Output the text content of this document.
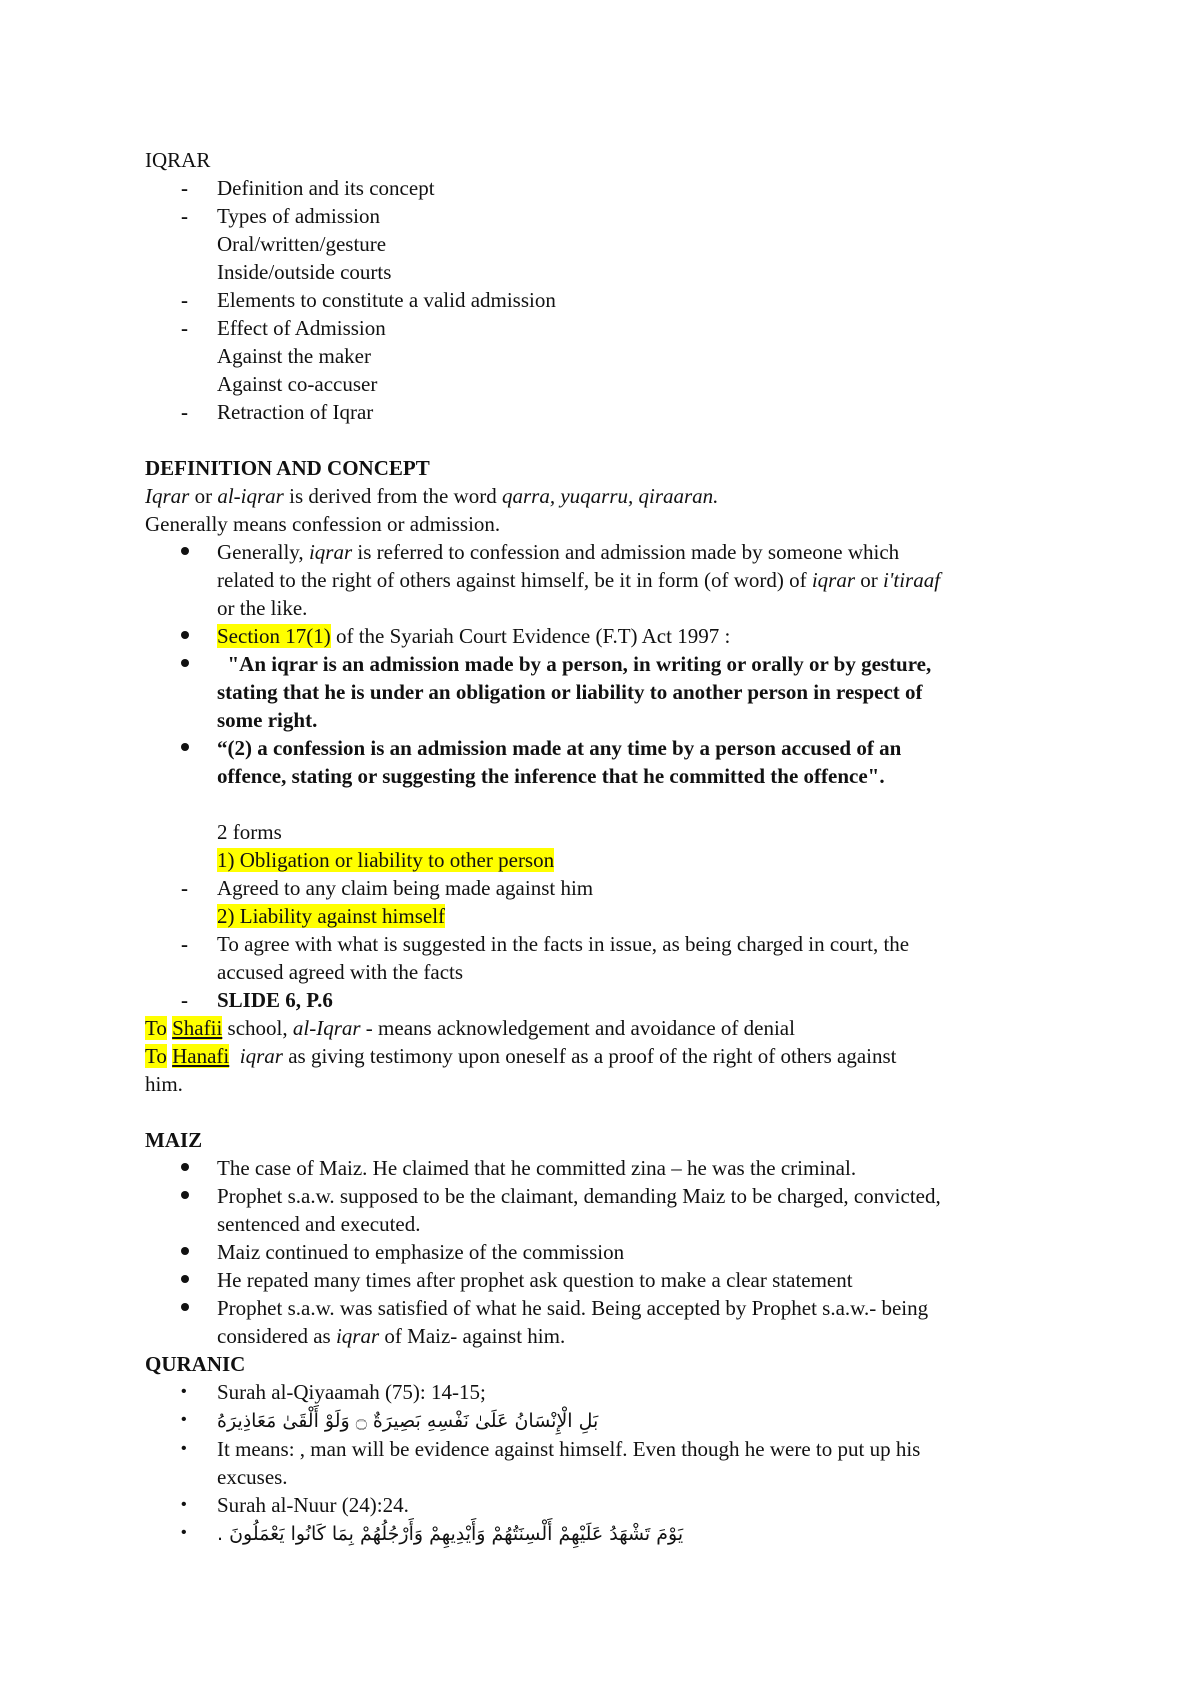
IQRAR
-	Definition and its concept
-	Types of admission
Oral/written/gesture
Inside/outside courts
-	Elements to constitute a valid admission
-	Effect of Admission
Against the maker
Against co-accuser
-	Retraction of Iqrar
DEFINITION AND CONCEPT
Iqrar or al-iqrar is derived from the word qarra, yuqarru, qiraaran.
Generally means confession or admission.
Generally, iqrar is referred to confession and admission made by someone which
related to the right of others against himself, be it in form (of word) of iqrar or i'tiraaf
or the like.
Section 17(1) of the Syariah Court Evidence (F.T) Act 1997 :
"An iqrar is an admission made by a person, in writing or orally or by gesture,
stating that he is under an obligation or liability to another person in respect of
some right.
“(2) a confession is an admission made at any time by a person accused of an
offence, stating or suggesting the inference that he committed the offence".
2 forms
1) Obligation or liability to other person
-	Agreed to any claim being made against him
2) Liability against himself
-	To agree with what is suggested in the facts in issue, as being charged in court, the
accused agreed with the facts
-	SLIDE 6, P.6
To Shafii school, al-Iqrar - means acknowledgement and avoidance of denial
To Hanafi iqrar as giving testimony upon oneself as a proof of the right of others against
him.
MAIZ
The case of Maiz. He claimed that he committed zina – he was the criminal.
Prophet s.a.w. supposed to be the claimant, demanding Maiz to be charged, convicted,
sentenced and executed.
Maiz continued to emphasize of the commission
He repated many times after prophet ask question to make a clear statement
Prophet s.a.w. was satisfied of what he said. Being accepted by Prophet s.a.w.- being
considered as iqrar of Maiz- against him.
QURANIC
•	Surah al-Qiyaamah (75): 14-15;
•	بَلِ الْإِنْسَانُ عَلَىٰ نَفْسِهِ بَصِيرَةٌ ۝ وَلَوْ أَلْقَىٰ مَعَاذِيرَهُ
•	It means: , man will be evidence against himself. Even though he were to put up his
excuses.
•	Surah al-Nuur (24):24.
•	يَوْمَ تَشْهَدُ عَلَيْهِمْ أَلْسِنَتُهُمْ وَأَيْدِيهِمْ وَأَرْجُلُهُمْ بِمَا كَانُوا يَعْمَلُونَ .
